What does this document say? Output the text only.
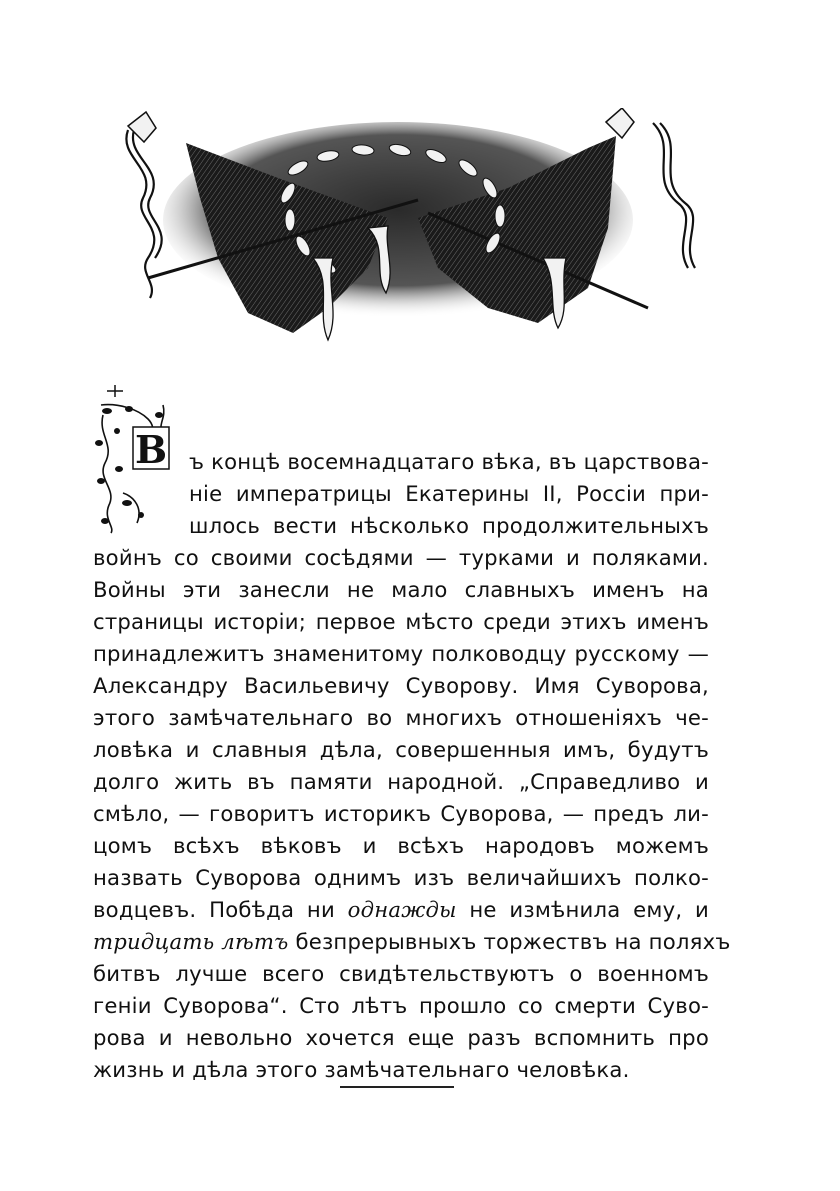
В ъ концѣ восемнадцатаго вѣка, въ царствова-
ніе императрицы Екатерины II, Россіи при-
шлось вести нѣсколько продолжительныхъ
войнъ со своими сосѣдями — турками и поляками.
Войны эти занесли не мало славныхъ именъ на
страницы исторіи; первое мѣсто среди этихъ именъ
принадлежитъ знаменитому полководцу русскому —
Александру Васильевичу Суворову. Имя Суворова,
этого замѣчательнаго во многихъ отношеніяхъ че-
ловѣка и славныя дѣла, совершенныя имъ, будутъ
долго жить въ памяти народной. „Справедливо и
смѣло, — говоритъ историкъ Суворова, — предъ ли-
цомъ всѣхъ вѣковъ и всѣхъ народовъ можемъ
назвать Суворова однимъ изъ величайшихъ полко-
водцевъ. Побѣда ни однажды не измѣнила ему, и
тридцать лѣтъ безпрерывныхъ торжествъ на поляхъ
битвъ лучше всего свидѣтельствуютъ о военномъ
геніи Суворова“. Сто лѣтъ прошло со смерти Суво-
рова и невольно хочется еще разъ вспомнить про
жизнь и дѣла этого замѣчательнаго человѣка.
